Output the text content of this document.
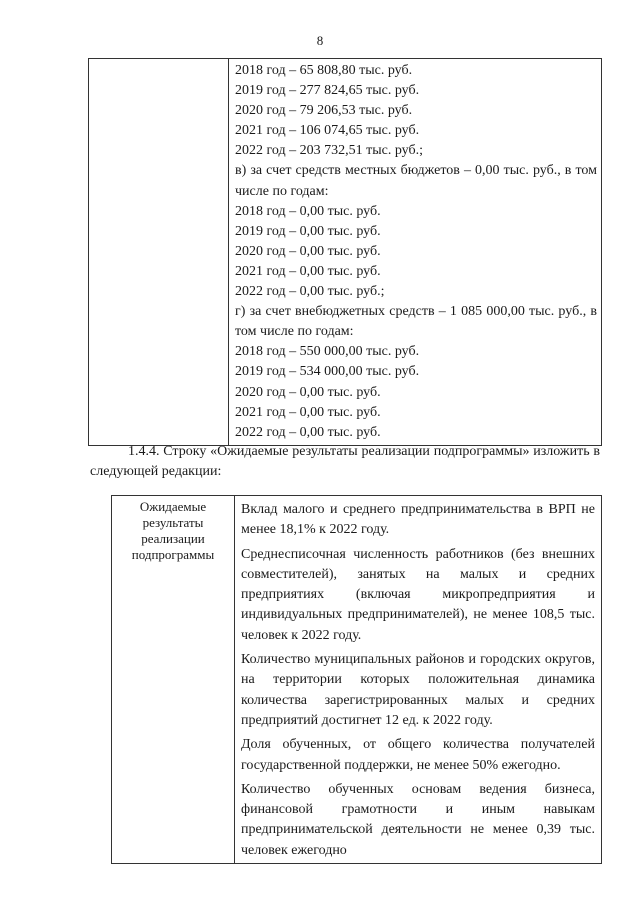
8

2018 год – 65 808,80 тыс. руб.
2019 год – 277 824,65 тыс. руб.
2020 год – 79 206,53 тыс. руб.
2021 год – 106 074,65 тыс. руб.
2022 год – 203 732,51 тыс. руб.;
в) за счет средств местных бюджетов – 0,00 тыс. руб., в том числе по годам:
2018 год – 0,00 тыс. руб.
2019 год – 0,00 тыс. руб.
2020 год – 0,00 тыс. руб.
2021 год – 0,00 тыс. руб.
2022 год – 0,00 тыс. руб.;
г) за счет внебюджетных средств – 1 085 000,00 тыс. руб., в том числе по годам:
2018 год – 550 000,00 тыс. руб.
2019 год – 534 000,00 тыс. руб.
2020 год – 0,00 тыс. руб.
2021 год – 0,00 тыс. руб.
2022 год – 0,00 тыс. руб.
1.4.4. Строку «Ожидаемые результаты реализации подпрограммы» изложить в следующей редакции:
Ожидаемые результаты реализации подпрограммы	
Вклад малого и среднего предпринимательства в ВРП не менее 18,1% к 2022 году.
Среднесписочная численность работников (без внешних совместителей), занятых на малых и средних предприятиях (включая микропредприятия и индивидуальных предпринимателей), не менее 108,5 тыс. человек к 2022 году.
Количество муниципальных районов и городских округов, на территории которых положительная динамика количества зарегистрированных малых и средних предприятий достигнет 12 ед. к 2022 году.
Доля обученных, от общего количества получателей государственной поддержки, не менее 50% ежегодно.
Количество обученных основам ведения бизнеса, финансовой грамотности и иным навыкам предпринимательской деятельности не менее 0,39 тыс. человек ежегодно
